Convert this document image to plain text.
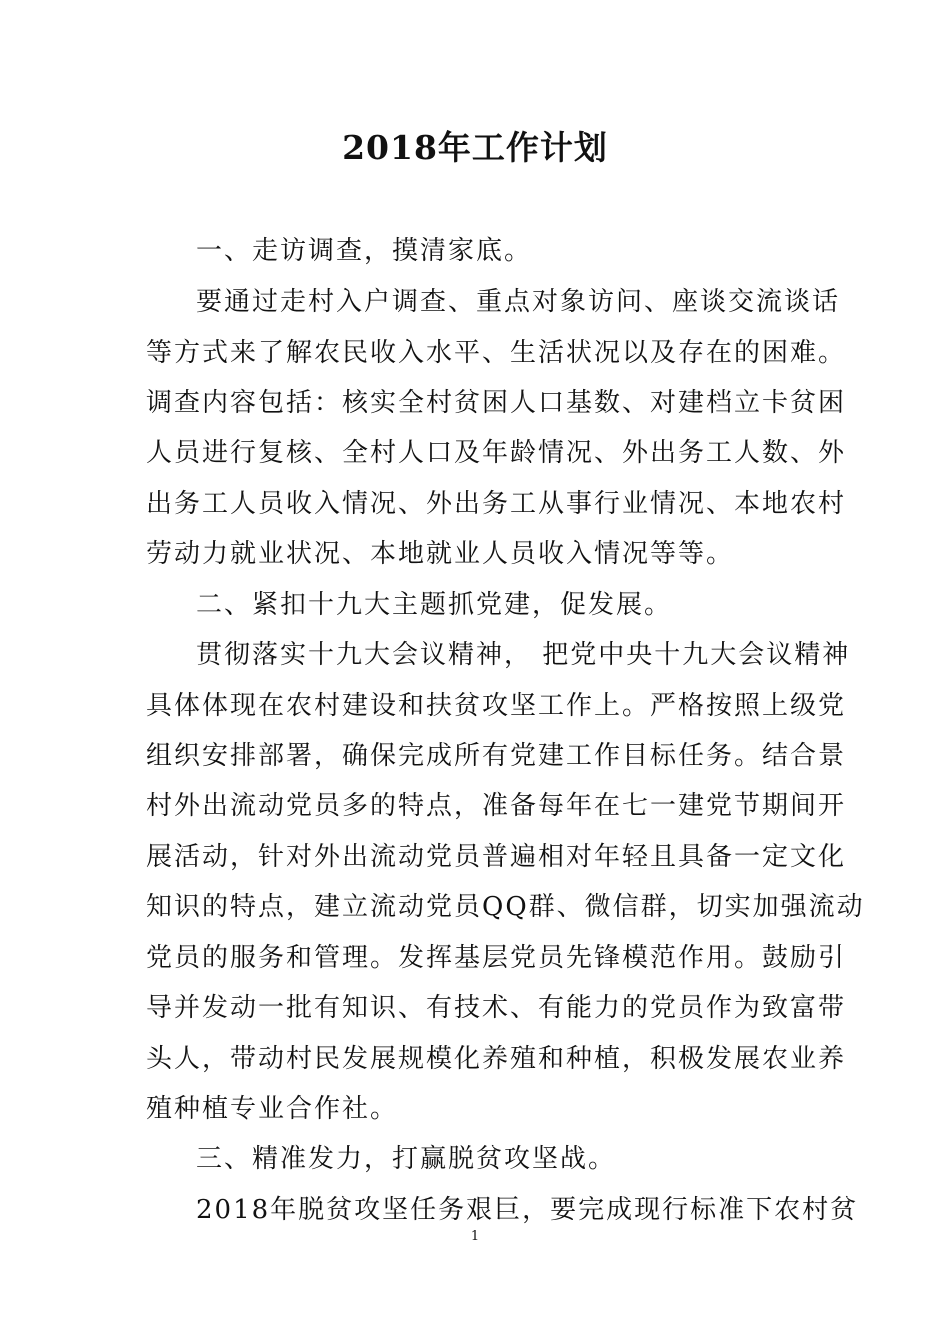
2018年工作计划
一、走访调查，摸清家底。
要通过走村入户调查、重点对象访问、座谈交流谈话
等方式来了解农民收入水平、生活状况以及存在的困难。
调查内容包括：核实全村贫困人口基数、对建档立卡贫困
人员进行复核、全村人口及年龄情况、外出务工人数、外
出务工人员收入情况、外出务工从事行业情况、本地农村
劳动力就业状况、本地就业人员收入情况等等。
二、紧扣十九大主题抓党建，促发展。
贯彻落实十九大会议精神， 把党中央十九大会议精神
具体体现在农村建设和扶贫攻坚工作上。严格按照上级党
组织安排部署，确保完成所有党建工作目标任务。结合景
村外出流动党员多的特点，准备每年在七一建党节期间开
展活动，针对外出流动党员普遍相对年轻且具备一定文化
知识的特点，建立流动党员QQ群、微信群，切实加强流动
党员的服务和管理。发挥基层党员先锋模范作用。鼓励引
导并发动一批有知识、有技术、有能力的党员作为致富带
头人，带动村民发展规模化养殖和种植，积极发展农业养
殖种植专业合作社。
三、精准发力，打赢脱贫攻坚战。
2018年脱贫攻坚任务艰巨，要完成现行标准下农村贫
1
